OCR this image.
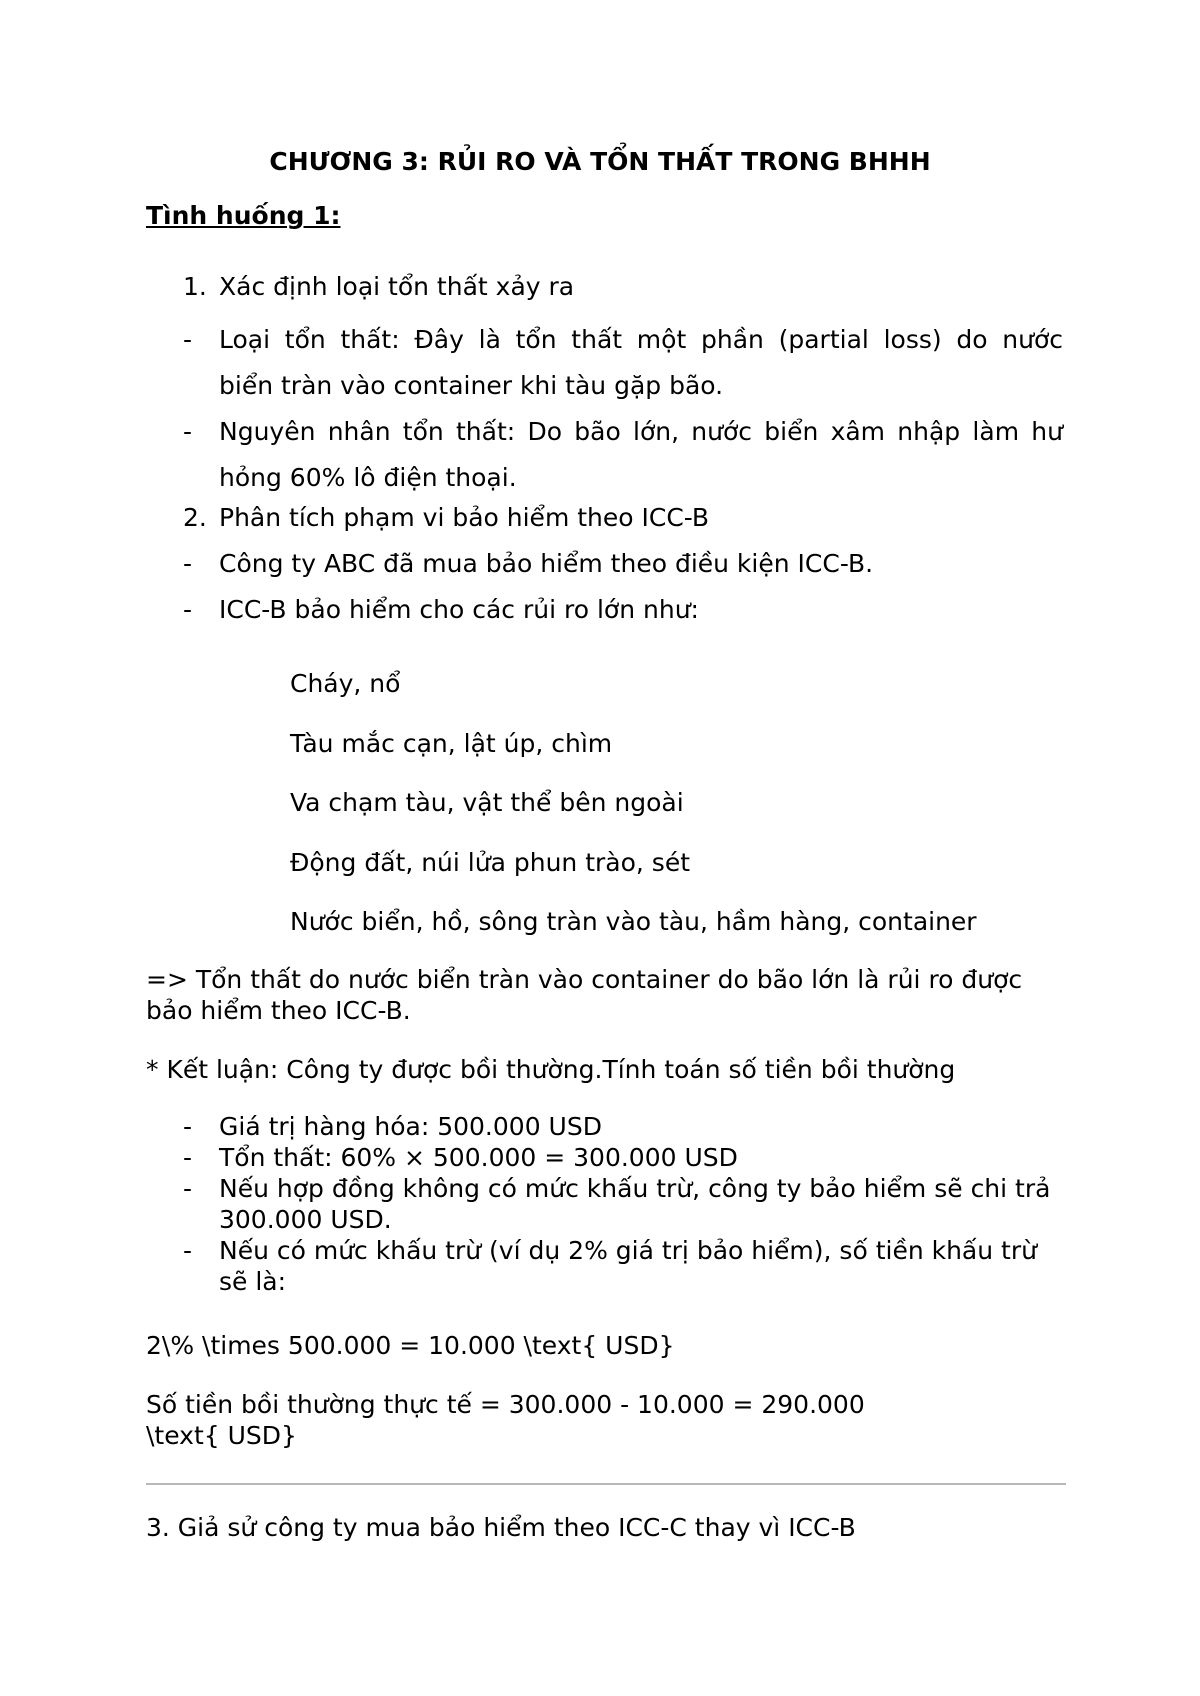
CHƯƠNG 3: RỦI RO VÀ TỔN THẤT TRONG BHHH
Tình huống 1:
1. Xác định loại tổn thất xảy ra
- Loại tổn thất: Đây là tổn thất một phần (partial loss) do nước
biển tràn vào container khi tàu gặp bão.
- Nguyên nhân tổn thất: Do bão lớn, nước biển xâm nhập làm hư
hỏng 60% lô điện thoại.
2. Phân tích phạm vi bảo hiểm theo ICC-B
- Công ty ABC đã mua bảo hiểm theo điều kiện ICC-B.
- ICC-B bảo hiểm cho các rủi ro lớn như:
Cháy, nổ
Tàu mắc cạn, lật úp, chìm
Va chạm tàu, vật thể bên ngoài
Động đất, núi lửa phun trào, sét
Nước biển, hồ, sông tràn vào tàu, hầm hàng, container
=> Tổn thất do nước biển tràn vào container do bão lớn là rủi ro được bảo hiểm theo ICC-B.
* Kết luận: Công ty được bồi thường.Tính toán số tiền bồi thường
- Giá trị hàng hóa: 500.000 USD
- Tổn thất: 60% × 500.000 = 300.000 USD
- Nếu hợp đồng không có mức khấu trừ, công ty bảo hiểm sẽ chi trả 300.000 USD.
- Nếu có mức khấu trừ (ví dụ 2% giá trị bảo hiểm), số tiền khấu trừ sẽ là:
2\% \times 500.000 = 10.000 \text{ USD}
Số tiền bồi thường thực tế = 300.000 - 10.000 = 290.000 \text{ USD}
3. Giả sử công ty mua bảo hiểm theo ICC-C thay vì ICC-B
